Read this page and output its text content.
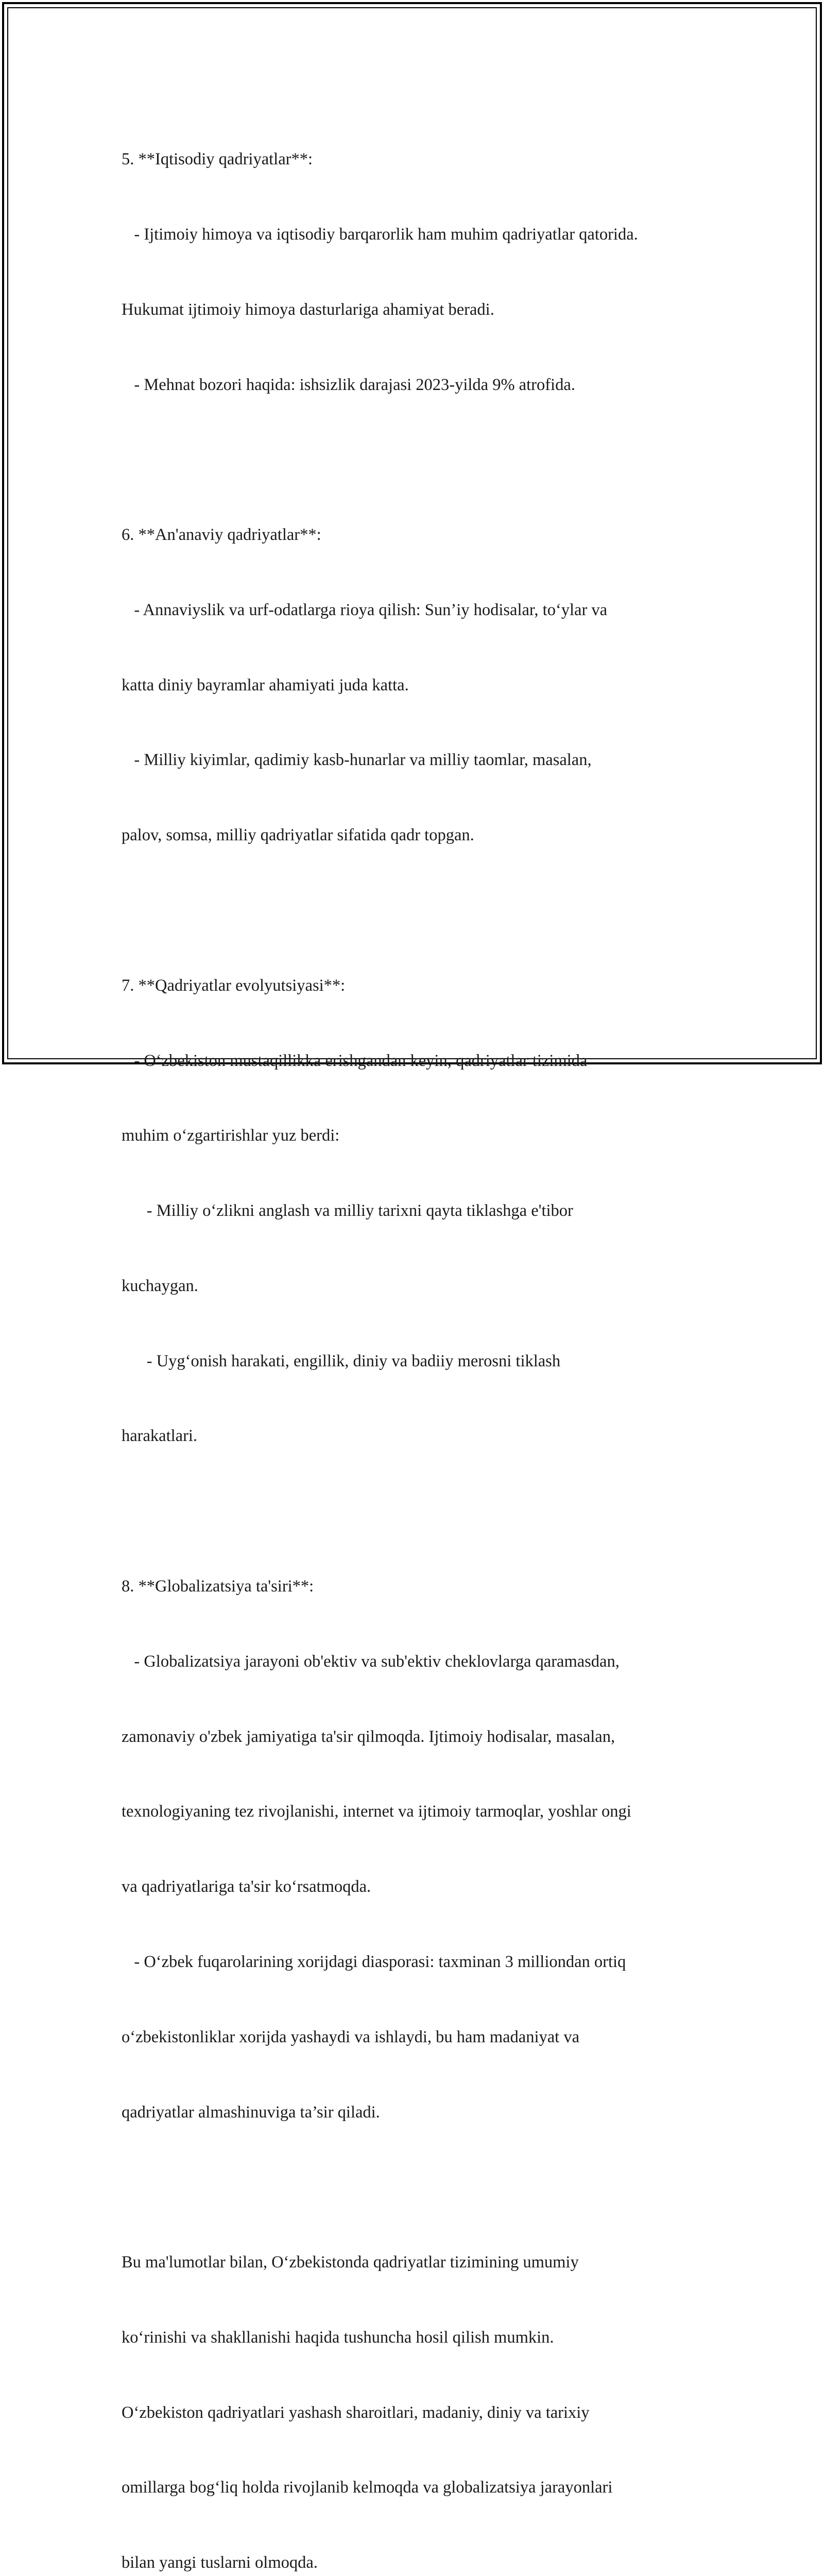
5. **Iqtisodiy qadriyatlar**:

- Ijtimoiy himoya va iqtisodiy barqarorlik ham muhim qadriyatlar qatorida.

Hukumat ijtimoiy himoya dasturlariga ahamiyat beradi.

- Mehnat bozori haqida: ishsizlik darajasi 2023-yilda 9% atrofida.

6. **An'anaviy qadriyatlar**:

- Annaviyslik va urf-odatlarga rioya qilish: Sun’iy hodisalar, to‘ylar va

katta diniy bayramlar ahamiyati juda katta.

- Milliy kiyimlar, qadimiy kasb-hunarlar va milliy taomlar, masalan,

palov, somsa, milliy qadriyatlar sifatida qadr topgan.

7. **Qadriyatlar evolyutsiyasi**:

- O‘zbekiston mustaqillikka erishgandan keyin, qadriyatlar tizimida

muhim o‘zgartirishlar yuz berdi:

- Milliy o‘zlikni anglash va milliy tarixni qayta tiklashga e'tibor

kuchaygan.

- Uyg‘onish harakati, engillik, diniy va badiiy merosni tiklash

harakatlari.

8. **Globalizatsiya ta'siri**:

- Globalizatsiya jarayoni ob'ektiv va sub'ektiv cheklovlarga qaramasdan,

zamonaviy o'zbek jamiyatiga ta'sir qilmoqda. Ijtimoiy hodisalar, masalan,

texnologiyaning tez rivojlanishi, internet va ijtimoiy tarmoqlar, yoshlar ongi

va qadriyatlariga ta'sir ko‘rsatmoqda.

- O‘zbek fuqarolarining xorijdagi diasporasi: taxminan 3 milliondan ortiq

o‘zbekistonliklar xorijda yashaydi va ishlaydi, bu ham madaniyat va

qadriyatlar almashinuviga ta’sir qiladi.

Bu ma'lumotlar bilan, O‘zbekistonda qadriyatlar tizimining umumiy

ko‘rinishi va shakllanishi haqida tushuncha hosil qilish mumkin.

O‘zbekiston qadriyatlari yashash sharoitlari, madaniy, diniy va tarixiy

omillarga bog‘liq holda rivojlanib kelmoqda va globalizatsiya jarayonlari

bilan yangi tuslarni olmoqda.
